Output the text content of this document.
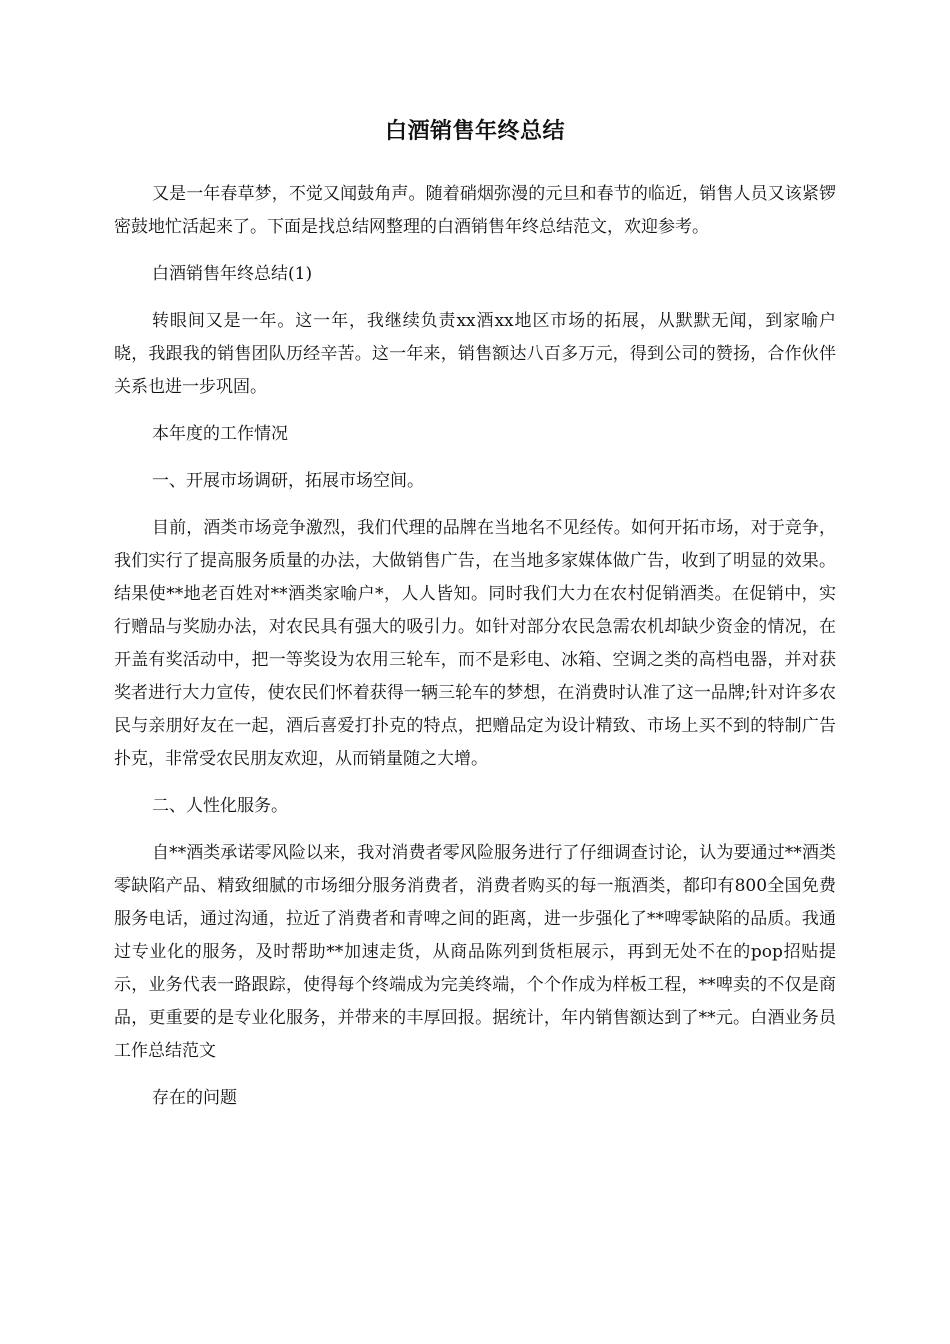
白酒销售年终总结

又是一年春草梦，不觉又闻鼓角声。随着硝烟弥漫的元旦和春节的临近，销售人员又该紧锣密鼓地忙活起来了。下面是找总结网整理的白酒销售年终总结范文，欢迎参考。

白酒销售年终总结(1)

转眼间又是一年。这一年，我继续负责xx酒xx地区市场的拓展，从默默无闻，到家喻户晓，我跟我的销售团队历经辛苦。这一年来，销售额达八百多万元，得到公司的赞扬，合作伙伴关系也进一步巩固。

本年度的工作情况

一、开展市场调研，拓展市场空间。

目前，酒类市场竞争激烈，我们代理的品牌在当地名不见经传。如何开拓市场，对于竞争，我们实行了提高服务质量的办法，大做销售广告，在当地多家媒体做广告，收到了明显的效果。结果使**地老百姓对**酒类家喻户*，人人皆知。同时我们大力在农村促销酒类。在促销中，实行赠品与奖励办法，对农民具有强大的吸引力。如针对部分农民急需农机却缺少资金的情况，在开盖有奖活动中，把一等奖设为农用三轮车，而不是彩电、冰箱、空调之类的高档电器，并对获奖者进行大力宣传，使农民们怀着获得一辆三轮车的梦想，在消费时认准了这一品牌;针对许多农民与亲朋好友在一起，酒后喜爱打扑克的特点，把赠品定为设计精致、市场上买不到的特制广告扑克，非常受农民朋友欢迎，从而销量随之大增。

二、人性化服务。

自**酒类承诺零风险以来，我对消费者零风险服务进行了仔细调查讨论，认为要通过**酒类零缺陷产品、精致细腻的市场细分服务消费者，消费者购买的每一瓶酒类，都印有800全国免费服务电话，通过沟通，拉近了消费者和青啤之间的距离，进一步强化了**啤零缺陷的品质。我通过专业化的服务，及时帮助**加速走货，从商品陈列到货柜展示，再到无处不在的pop招贴提示，业务代表一路跟踪，使得每个终端成为完美终端，个个作成为样板工程，**啤卖的不仅是商品，更重要的是专业化服务，并带来的丰厚回报。据统计，年内销售额达到了**元。白酒业务员工作总结范文

存在的问题
